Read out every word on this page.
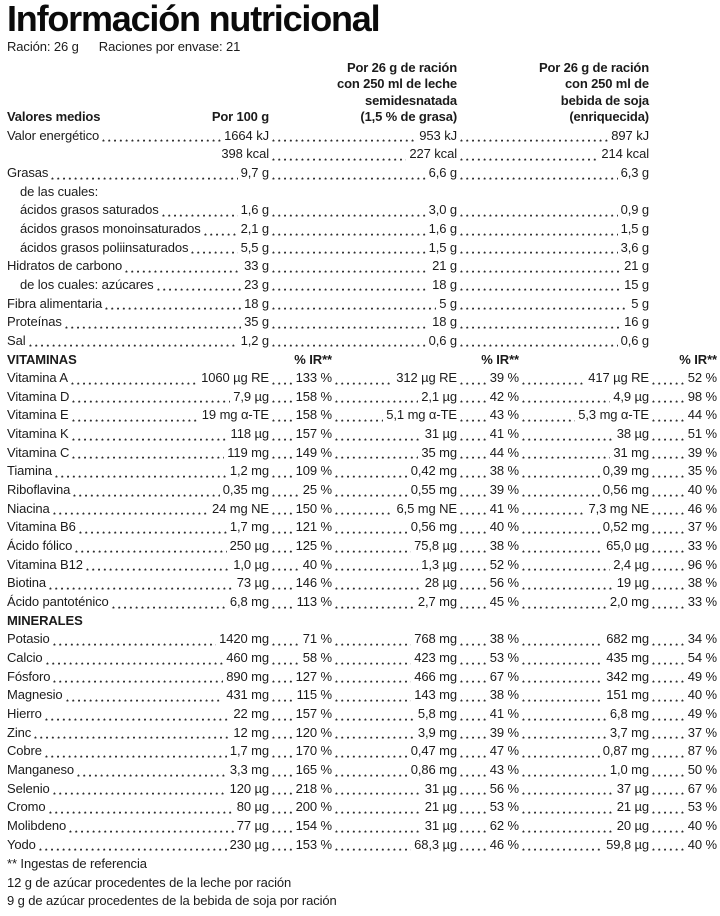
Información nutricional
Ración: 26 g Raciones por envase: 21
Valores medios	Por 100 g
Por 26 g de ración
con 250 ml de leche
semidesnatada
(1,5 % de grasa)
Por 26 g de ración
con 250 ml de
bebida de soja
(enriquecida)
Valor energético	1664 kJ	953 kJ	897 kJ
398 kcal	227 kcal	214 kcal
Grasas	9,7 g	6,6 g	6,3 g
de las cuales:
ácidos grasos saturados	1,6 g	3,0 g	0,9 g
ácidos grasos monoinsaturados	2,1 g	1,6 g	1,5 g
ácidos grasos poliinsaturados	5,5 g	1,5 g	3,6 g
Hidratos de carbono	33 g	21 g	21 g
de los cuales: azúcares	23 g	18 g	15 g
Fibra alimentaria	18 g	5 g	5 g
Proteínas	35 g	18 g	16 g
Sal	1,2 g	0,6 g	0,6 g
VITAMINAS	% IR**	% IR**	% IR**
Vitamina A	1060 µg RE 133 %	312 µg RE	39 %	417 µg RE	52 %
Vitamina D	7,9 µg 158 %	2,1 µg	42 %	4,9 µg	98 %
Vitamina E	19 mg α-TE 158 %	5,1 mg α-TE	43 %	5,3 mg α-TE	44 %
Vitamina K	118 µg 157 %	31 µg	41 %	38 µg	51 %
Vitamina C	119 mg 149 %	35 mg	44 %	31 mg	39 %
Tiamina	1,2 mg 109 %	0,42 mg	38 %	0,39 mg	35 %
Riboflavina	0,35 mg	25 %	0,55 mg	39 %	0,56 mg	40 %
Niacina	24 mg NE 150 %	6,5 mg NE	41 %	7,3 mg NE	46 %
Vitamina B6	1,7 mg 121 %	0,56 mg	40 %	0,52 mg	37 %
Ácido fólico	250 µg 125 %	75,8 µg	38 %	65,0 µg	33 %
Vitamina B12	1,0 µg	40 %	1,3 µg	52 %	2,4 µg	96 %
Biotina	73 µg 146 %	28 µg	56 %	19 µg	38 %
Ácido pantoténico	6,8 mg 113 %	2,7 mg	45 %	2,0 mg	33 %
MINERALES
Potasio	1420 mg	71 %	768 mg	38 %	682 mg	34 %
Calcio	460 mg	58 %	423 mg	53 %	435 mg	54 %
Fósforo	890 mg 127 %	466 mg	67 %	342 mg	49 %
Magnesio	431 mg 115 %	143 mg	38 %	151 mg	40 %
Hierro	22 mg 157 %	5,8 mg	41 %	6,8 mg	49 %
Zinc	12 mg 120 %	3,9 mg	39 %	3,7 mg	37 %
Cobre	1,7 mg 170 %	0,47 mg	47 %	0,87 mg	87 %
Manganeso	3,3 mg 165 %	0,86 mg	43 %	1,0 mg	50 %
Selenio	120 µg 218 %	31 µg	56 %	37 µg	67 %
Cromo	80 µg 200 %	21 µg	53 %	21 µg	53 %
Molibdeno	77 µg 154 %	31 µg	62 %	20 µg	40 %
Yodo	230 µg 153 %	68,3 µg	46 %	59,8 µg	40 %
** Ingestas de referencia
12 g de azúcar procedentes de la leche por ración
9 g de azúcar procedentes de la bebida de soja por ración
